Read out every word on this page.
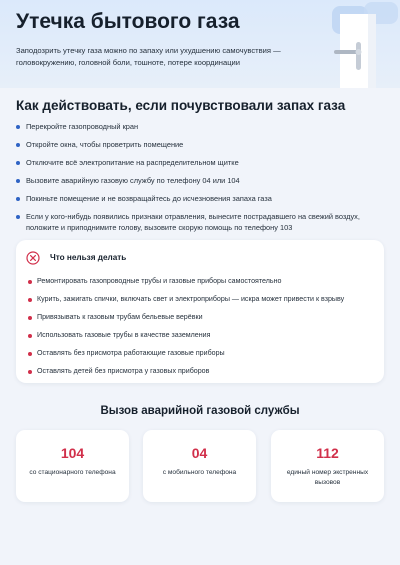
Утечка бытового газа

Заподозрить утечку газа можно по запаху или ухудшению самочувствия — головокружению, головной боли, тошноте, потере координации

Как действовать, если почувствовали запах газа
Перекройте газопроводный кран
Откройте окна, чтобы проветрить помещение
Отключите всё электропитание на распределительном щитке
Вызовите аварийную газовую службу по телефону 04 или 104
Покиньте помещение и не возвращайтесь до исчезновения запаха газа
Если у кого-нибудь появились признаки отравления, вынесите пострадавшего на свежий воздух, положите и приподнимите голову, вызовите скорую помощь по телефону 103
Что нельзя делать
Ремонтировать газопроводные трубы и газовые приборы самостоятельно
Курить, зажигать спички, включать свет и электроприборы — искра может привести к взрыву
Привязывать к газовым трубам бельевые верёвки
Использовать газовые трубы в качестве заземления
Оставлять без присмотра работающие газовые приборы
Оставлять детей без присмотра у газовых приборов
Вызов аварийной газовой службы
104
со стационарного телефона
04
с мобильного телефона
112
единый номер экстренных вызовов
